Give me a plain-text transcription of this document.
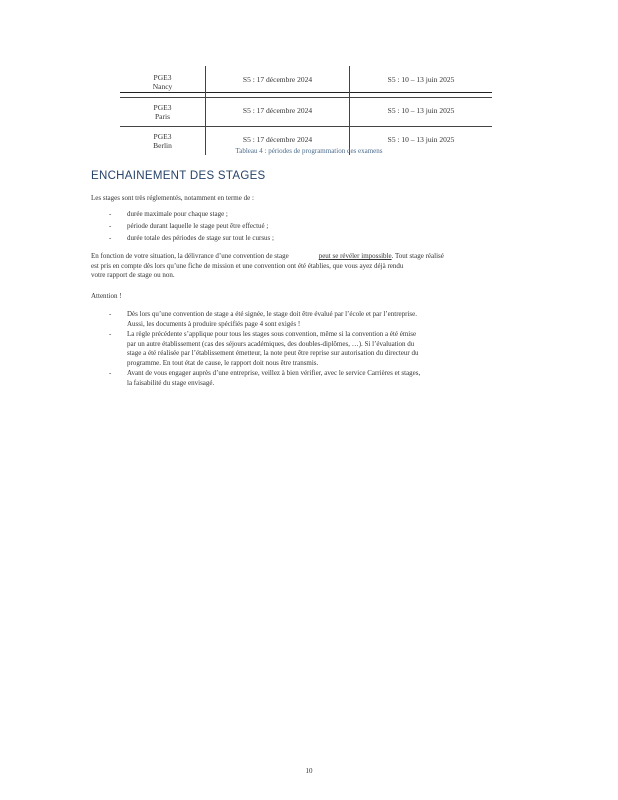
PGE3
Nancy	S5 : 17 décembre 2024	S5 : 10 – 13 juin 2025
PGE3
Paris	S5 : 17 décembre 2024	S5 : 10 – 13 juin 2025
PGE3
Berlin	S5 : 17 décembre 2024	S5 : 10 – 13 juin 2025
Tableau 4 : périodes de programmation des examens
ENCHAINEMENT DES STAGES
Les stages sont très réglementés, notamment en terme de :
- durée maximale pour chaque stage ;
- période durant laquelle le stage peut être effectué ;
- durée totale des périodes de stage sur tout le cursus ;
En fonction de votre situation, la délivrance d’une convention de stage	peut se révéler impossible. Tout stage réalisé
est pris en compte dès lors qu’une fiche de mission et une convention ont été établies, que vous ayez déjà rendu
votre rapport de stage ou non.
Attention !
- Dès lors qu’une convention de stage a été signée, le stage doit être évalué par l’école et par l’entreprise.
Aussi, les documents à produire spécifiés page 4 sont exigés !
- La règle précédente s’applique pour tous les stages sous convention, même si la convention a été émise
par un autre établissement (cas des séjours académiques, des doubles-diplômes, …). Si l’évaluation du
stage a été réalisée par l’établissement émetteur, la note peut être reprise sur autorisation du directeur du
programme. En tout état de cause, le rapport doit nous être transmis.
- Avant de vous engager auprès d’une entreprise, veillez à bien vérifier, avec le service Carrières et stages,
la faisabilité du stage envisagé.
10
